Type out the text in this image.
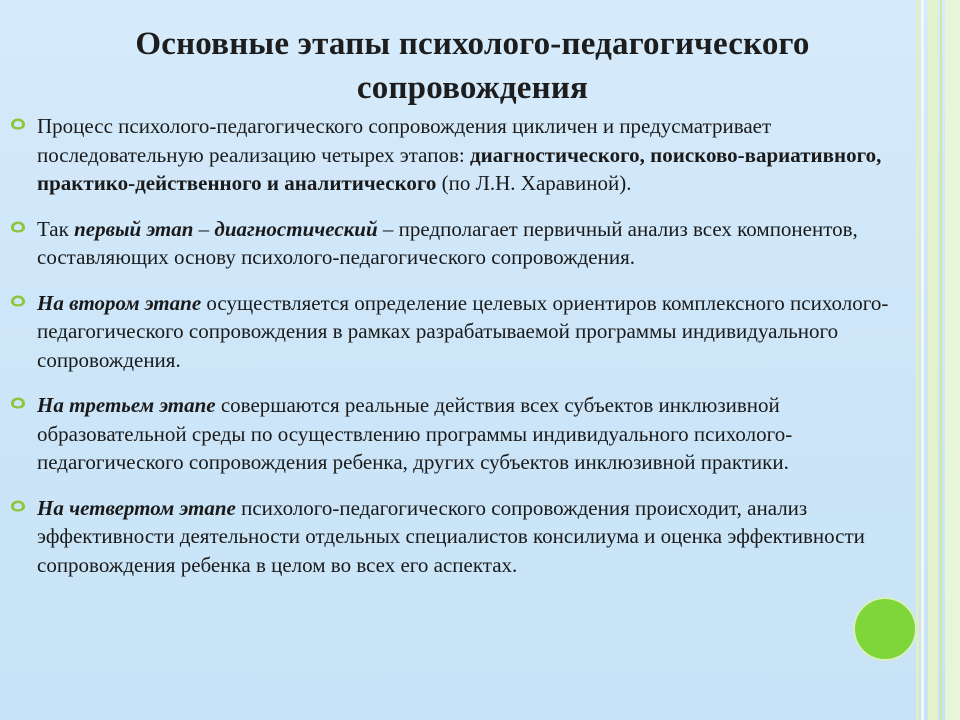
Основные этапы психолого-педагогического
сопровождения
Процесс психолого-педагогического сопровождения цикличен и предусматривает последовательную реализацию четырех этапов: диагностического, поисково-вариативного, практико-действенного и аналитического (по Л.Н. Харавиной).
Так первый этап – диагностический – предполагает первичный анализ всех компонентов, составляющих основу психолого-педагогического сопровождения.
На втором этапе осуществляется определение целевых ориентиров комплексного психолого-педагогического сопровождения в рамках разрабатываемой программы индивидуального сопровождения.
На третьем этапе совершаются реальные действия всех субъектов инклюзивной образовательной среды по осуществлению программы индивидуального психолого-педагогического сопровождения ребенка, других субъектов инклюзивной практики.
На четвертом этапе психолого-педагогического сопровождения происходит, анализ эффективности деятельности отдельных специалистов консилиума и оценка эффективности сопровождения ребенка в целом во всех его аспектах.
